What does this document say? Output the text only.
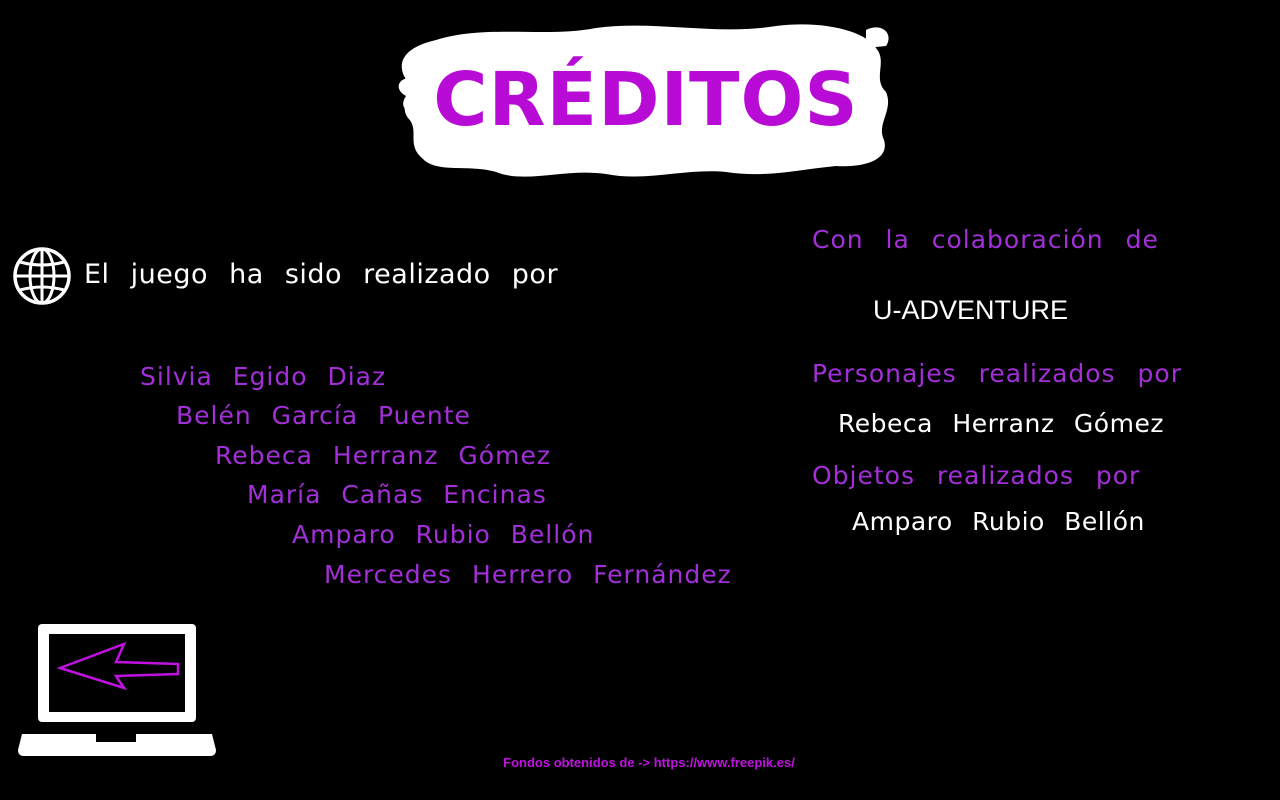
CRÉDITOS
El juego ha sido realizado por
Silvia Egido Diaz
Belén García Puente
Rebeca Herranz Gómez
María Cañas Encinas
Amparo Rubio Bellón
Mercedes Herrero Fernández
Con la colaboración de
U-ADVENTURE
Personajes realizados por
Rebeca Herranz Gómez
Objetos realizados por
Amparo Rubio Bellón
Fondos obtenidos de -> https://www.freepik.es/
